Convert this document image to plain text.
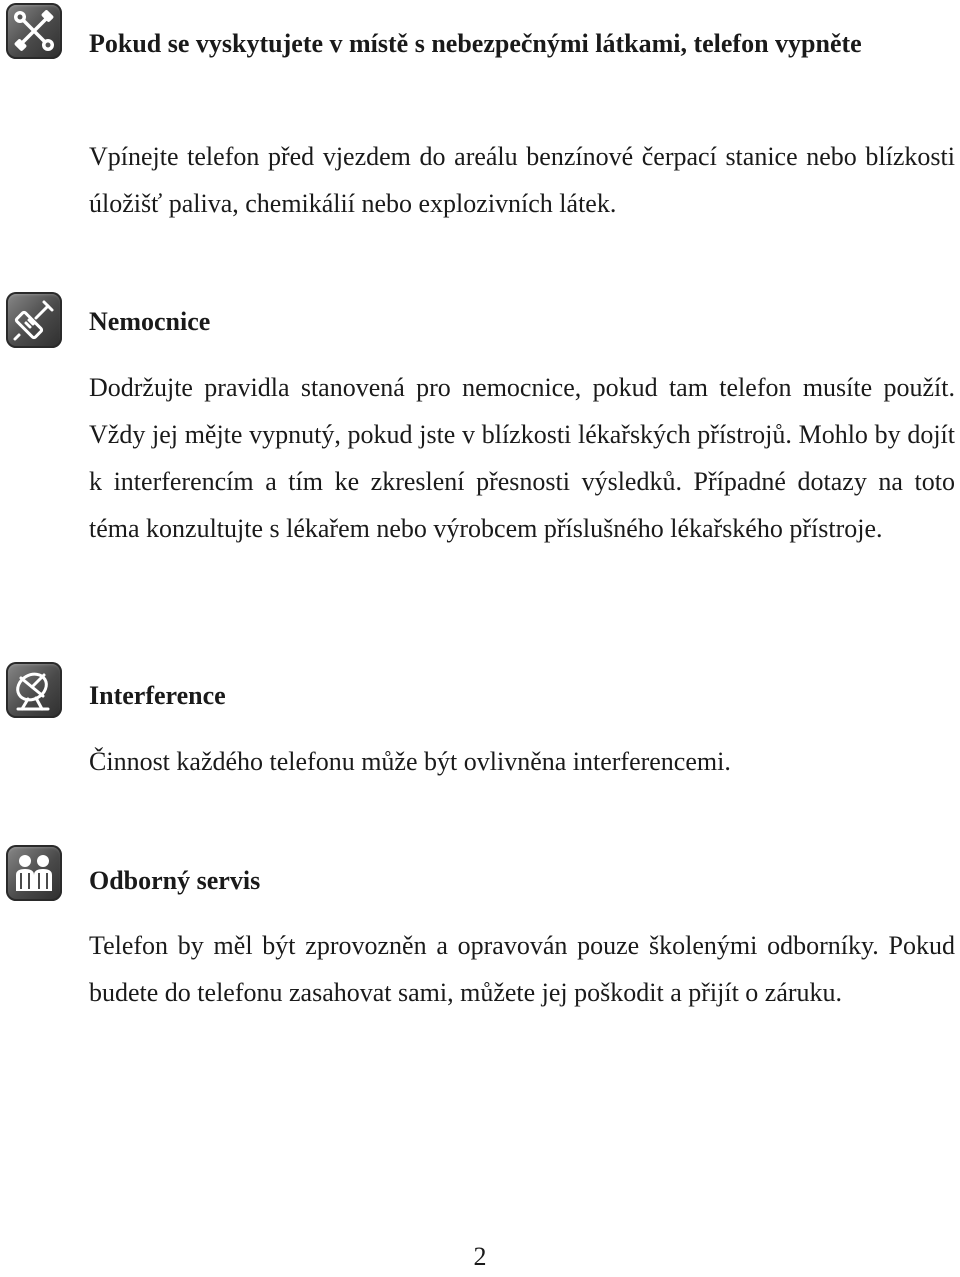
Pokud se vyskytujete v místě s nebezpečnými látkami, telefon vypněte

Vpínejte telefon před vjezdem do areálu benzínové čerpací stanice nebo blízkosti úložišť paliva, chemikálií nebo explozivních látek.

Nemocnice

Dodržujte pravidla stanovená pro nemocnice, pokud tam telefon musíte použít. Vždy jej mějte vypnutý, pokud jste v blízkosti lékařských přístrojů. Mohlo by dojít k interferencím a tím ke zkreslení přesnosti výsledků. Případné dotazy na toto téma konzultujte s lékařem nebo výrobcem příslušného lékařského přístroje.

Interference

Činnost každého telefonu může být ovlivněna interferencemi.

Odborný servis

Telefon by měl být zprovozněn a opravován pouze školenými odborníky. Pokud budete do telefonu zasahovat sami, můžete jej poškodit a přijít o záruku.

2
